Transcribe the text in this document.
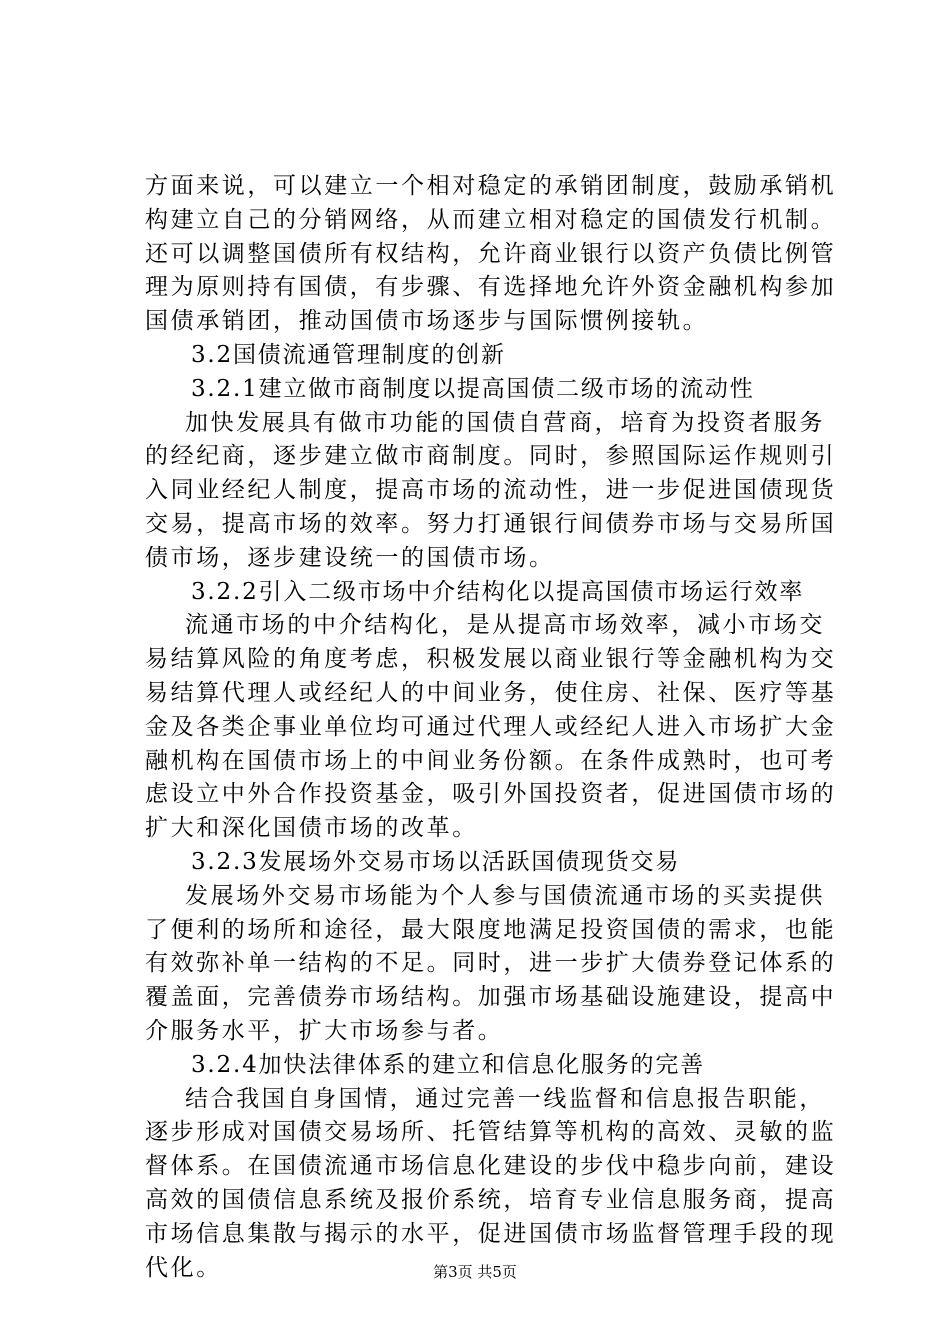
方面来说，可以建立一个相对稳定的承销团制度，鼓励承销机
构建立自己的分销网络，从而建立相对稳定的国债发行机制。
还可以调整国债所有权结构，允许商业银行以资产负债比例管
理为原则持有国债，有步骤、有选择地允许外资金融机构参加
国债承销团，推动国债市场逐步与国际惯例接轨。
3.2国债流通管理制度的创新
3.2.1建立做市商制度以提高国债二级市场的流动性
加快发展具有做市功能的国债自营商，培育为投资者服务
的经纪商，逐步建立做市商制度。同时，参照国际运作规则引
入同业经纪人制度，提高市场的流动性，进一步促进国债现货
交易，提高市场的效率。努力打通银行间债券市场与交易所国
债市场，逐步建设统一的国债市场。
3.2.2引入二级市场中介结构化以提高国债市场运行效率
流通市场的中介结构化，是从提高市场效率，减小市场交
易结算风险的角度考虑，积极发展以商业银行等金融机构为交
易结算代理人或经纪人的中间业务，使住房、社保、医疗等基
金及各类企事业单位均可通过代理人或经纪人进入市场扩大金
融机构在国债市场上的中间业务份额。在条件成熟时，也可考
虑设立中外合作投资基金，吸引外国投资者，促进国债市场的
扩大和深化国债市场的改革。
3.2.3发展场外交易市场以活跃国债现货交易
发展场外交易市场能为个人参与国债流通市场的买卖提供
了便利的场所和途径，最大限度地满足投资国债的需求，也能
有效弥补单一结构的不足。同时，进一步扩大债券登记体系的
覆盖面，完善债券市场结构。加强市场基础设施建设，提高中
介服务水平，扩大市场参与者。
3.2.4加快法律体系的建立和信息化服务的完善
结合我国自身国情，通过完善一线监督和信息报告职能，
逐步形成对国债交易场所、托管结算等机构的高效、灵敏的监
督体系。在国债流通市场信息化建设的步伐中稳步向前，建设
高效的国债信息系统及报价系统，培育专业信息服务商，提高
市场信息集散与揭示的水平，促进国债市场监督管理手段的现
代化。	第3页 共5页
